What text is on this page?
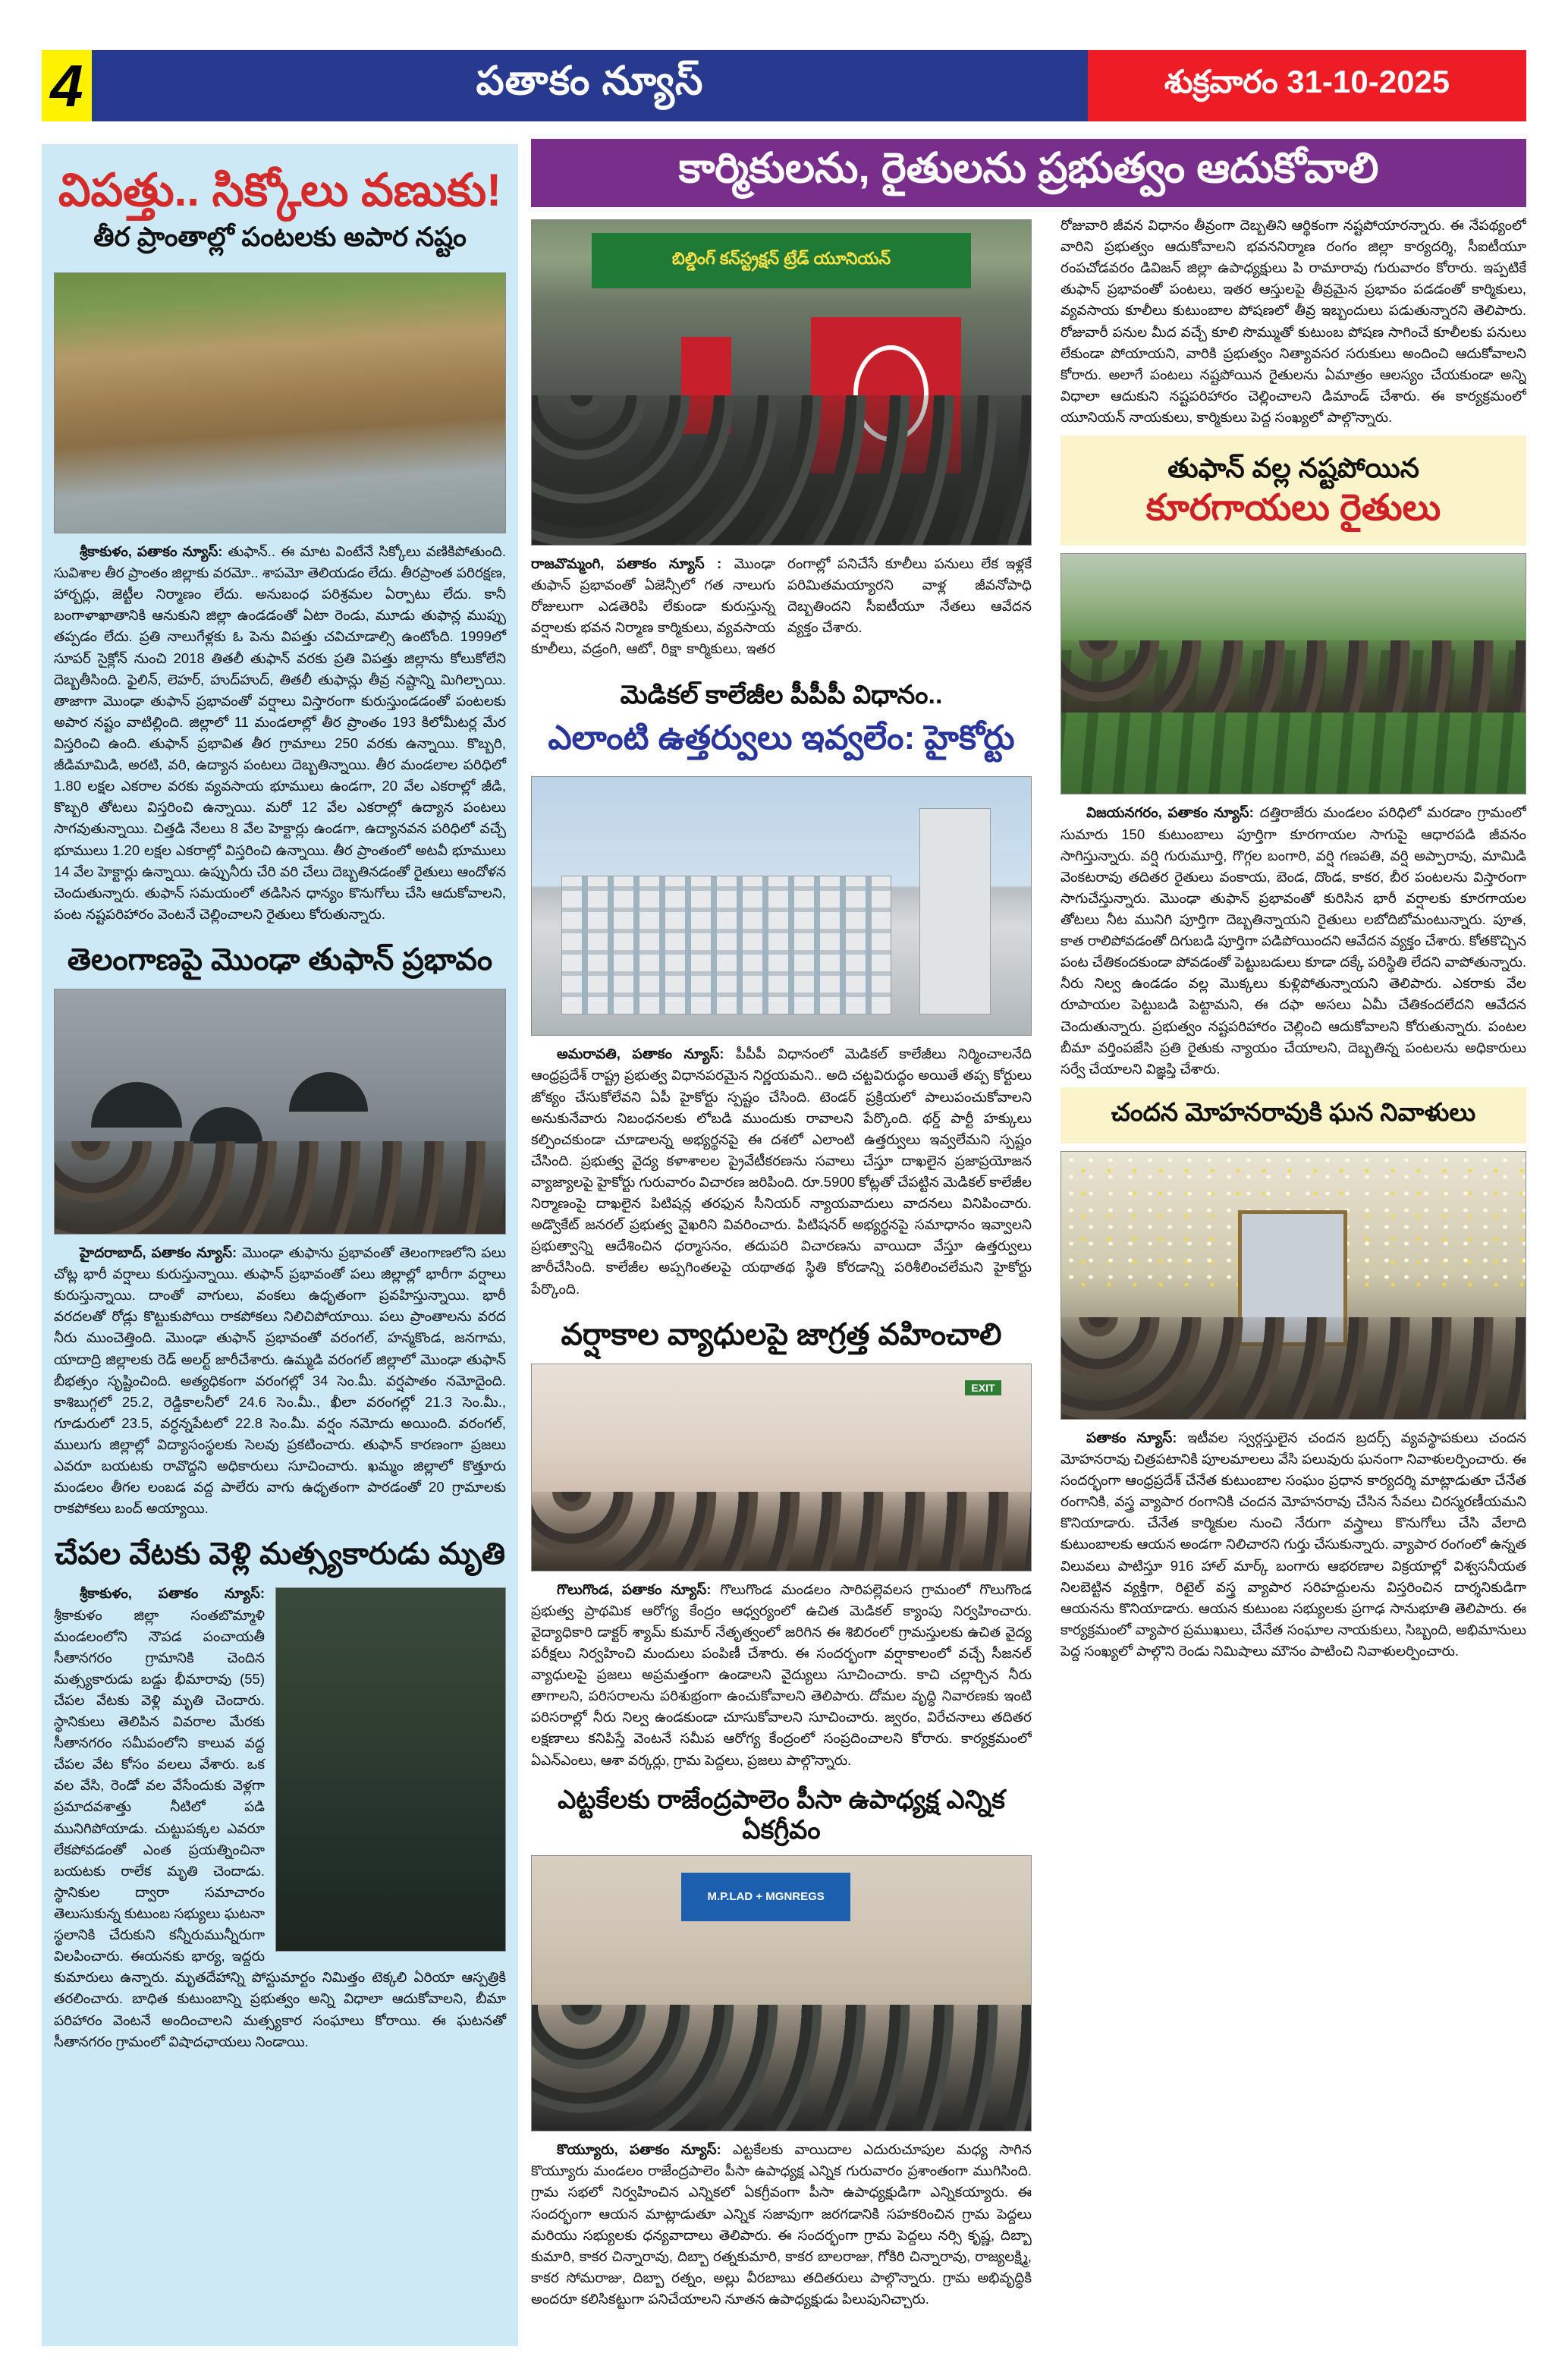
4	పతాకం న్యూస్	శుక్రవారం 31-10-2025
కార్మికులను, రైతులను ప్రభుత్వం ఆదుకోవాలి
విపత్తు.. సిక్కోలు వణుకు!
తీర ప్రాంతాల్లో పంటలకు అపార నష్టం

శ్రీకాకుళం, పతాకం న్యూస్: తుఫాన్.. ఈ మాట వింటేనే సిక్కోలు వణికిపోతుంది. సువిశాల తీర ప్రాంతం జిల్లాకు వరమో.. శాపమో తెలియడం లేదు. తీరప్రాంత పరిరక్షణ, హార్బర్లు, జెట్టీల నిర్మాణం లేదు. అనుబంధ పరిశ్రమల ఏర్పాటు లేదు. కానీ బంగాళాఖాతానికి ఆనుకుని జిల్లా ఉండడంతో ఏటా రెండు, మూడు తుఫాన్ల ముప్పు తప్పడం లేదు. ప్రతి నాలుగేళ్లకు ఓ పెను విపత్తు చవిచూడాల్సి ఉంటోంది. 1999లో సూపర్ సైక్లోన్ నుంచి 2018 తితలీ తుఫాన్ వరకు ప్రతి విపత్తు జిల్లాను కోలుకోలేని దెబ్బతీసింది. ఫైలిన్, లెహర్, హుద్‌హుద్, తితలీ తుఫాన్లు తీవ్ర నష్టాన్ని మిగిల్చాయి. తాజాగా మొంఢా తుఫాన్ ప్రభావంతో వర్షాలు విస్తారంగా కురుస్తుండడంతో పంటలకు అపార నష్టం వాటిల్లింది. జిల్లాలో 11 మండలాల్లో తీర ప్రాంతం 193 కిలోమీటర్ల మేర విస్తరించి ఉంది. తుఫాన్ ప్రభావిత తీర గ్రామాలు 250 వరకు ఉన్నాయి. కొబ్బరి, జీడిమామిడి, అరటి, వరి, ఉద్యాన పంటలు దెబ్బతిన్నాయి. తీర మండలాల పరిధిలో 1.80 లక్షల ఎకరాల వరకు వ్యవసాయ భూములు ఉండగా, 20 వేల ఎకరాల్లో జీడి, కొబ్బరి తోటలు విస్తరించి ఉన్నాయి. మరో 12 వేల ఎకరాల్లో ఉద్యాన పంటలు సాగవుతున్నాయి. చిత్తడి నేలలు 8 వేల హెక్టార్లు ఉండగా, ఉద్యానవన పరిధిలో వచ్చే భూములు 1.20 లక్షల ఎకరాల్లో విస్తరించి ఉన్నాయి. తీర ప్రాంతంలో అటవీ భూములు 14 వేల హెక్టార్లు ఉన్నాయి. ఉప్పునీరు చేరి వరి చేలు దెబ్బతినడంతో రైతులు ఆందోళన చెందుతున్నారు. తుఫాన్ సమయంలో తడిసిన ధాన్యం కొనుగోలు చేసి ఆదుకోవాలని, పంట నష్టపరిహారం వెంటనే చెల్లించాలని రైతులు కోరుతున్నారు.

తెలంగాణపై మొంఢా తుఫాన్ ప్రభావం

హైదరాబాద్, పతాకం న్యూస్: మొంఢా తుఫాను ప్రభావంతో తెలంగాణలోని పలు చోట్ల భారీ వర్షాలు కురుస్తున్నాయి. తుఫాన్ ప్రభావంతో పలు జిల్లాల్లో భారీగా వర్షాలు కురుస్తున్నాయి. దాంతో వాగులు, వంకలు ఉధృతంగా ప్రవహిస్తున్నాయి. భారీ వరదలతో రోడ్లు కొట్టుకుపోయి రాకపోకలు నిలిచిపోయాయి. పలు ప్రాంతాలను వరద నీరు ముంచెత్తింది. మొంఢా తుఫాన్ ప్రభావంతో వరంగల్, హన్మకొండ, జనగామ, యాదాద్రి జిల్లాలకు రెడ్ అలర్ట్ జారీచేశారు. ఉమ్మడి వరంగల్ జిల్లాలో మొంఢా తుఫాన్ బీభత్సం సృష్టించింది. అత్యధికంగా వరంగల్లో 34 సెం.మీ. వర్షపాతం నమోదైంది. కాశిబుగ్గలో 25.2, రెడ్డికాలనీలో 24.6 సెం.మీ., ఖీలా వరంగల్లో 21.3 సెం.మీ., గూడురులో 23.5, వర్ధన్నపేటలో 22.8 సెం.మీ. వర్షం నమోదు అయింది. వరంగల్, ములుగు జిల్లాల్లో విద్యాసంస్థలకు సెలవు ప్రకటించారు. తుఫాన్ కారణంగా ప్రజలు ఎవరూ బయటకు రావొద్దని అధికారులు సూచించారు. ఖమ్మం జిల్లాలో కొత్తూరు మండలం తీగల లంబడ వద్ద పాలేరు వాగు ఉధృతంగా పారడంతో 20 గ్రామాలకు రాకపోకలు బంద్ అయ్యాయి.

చేపల వేటకు వెళ్లి మత్స్యకారుడు మృతి

శ్రీకాకుళం, పతాకం న్యూస్: శ్రీకాకుళం జిల్లా సంతబొమ్మాళి మండలంలోని నౌపడ పంచాయతీ సీతానగరం గ్రామానికి చెందిన మత్స్యకారుడు బడ్డు భీమారావు (55) చేపల వేటకు వెళ్లి మృతి చెందారు. స్థానికులు తెలిపిన వివరాల మేరకు సీతానగరం సమీపంలోని కాలువ వద్ద చేపల వేట కోసం వలలు వేశారు. ఒక వల వేసి, రెండో వల వేసేందుకు వెళ్లగా ప్రమాదవశాత్తు నీటిలో పడి మునిగిపోయాడు. చుట్టుపక్కల ఎవరూ లేకపోవడంతో ఎంత ప్రయత్నించినా బయటకు రాలేక మృతి చెందాడు. స్థానికుల ద్వారా సమాచారం తెలుసుకున్న కుటుంబ సభ్యులు ఘటనా స్థలానికి చేరుకుని కన్నీరుమున్నీరుగా విలపించారు. ఈయనకు భార్య, ఇద్దరు కుమారులు ఉన్నారు. మృతదేహాన్ని పోస్టుమార్టం నిమిత్తం టెక్కలి ఏరియా ఆస్పత్రికి తరలించారు. బాధిత కుటుంబాన్ని ప్రభుత్వం అన్ని విధాలా ఆదుకోవాలని, బీమా పరిహారం వెంటనే అందించాలని మత్స్యకార సంఘాలు కోరాయి. ఈ ఘటనతో సీతానగరం గ్రామంలో విషాదఛాయలు నిండాయి.

బిల్డింగ్ కన్‌స్ట్రక్షన్ ట్రేడ్ యూనియన్
రాజవొమ్మంగి, పతాకం న్యూస్ : మొంఢా తుఫాన్ ప్రభావంతో ఏజెన్సీలో గత నాలుగు రోజులుగా ఎడతెరిపి లేకుండా కురుస్తున్న వర్షాలకు భవన నిర్మాణ కార్మికులు, వ్యవసాయ కూలీలు, వడ్రంగి, ఆటో, రిక్షా కార్మికులు, ఇతర రంగాల్లో పనిచేసే కూలీలు పనులు లేక ఇళ్లకే పరిమితమయ్యారని వాళ్ల జీవనోపాధి దెబ్బతిందని సీఐటీయూ నేతలు ఆవేదన వ్యక్తం చేశారు.
మెడికల్ కాలేజీల పీపీపీ విధానం..
ఎలాంటి ఉత్తర్వులు ఇవ్వలేం: హైకోర్టు

అమరావతి, పతాకం న్యూస్: పీపీపీ విధానంలో మెడికల్ కాలేజీలు నిర్మించాలనేది ఆంధ్రప్రదేశ్ రాష్ట్ర ప్రభుత్వ విధానపరమైన నిర్ణయమని.. అది చట్టవిరుద్ధం అయితే తప్ప కోర్టులు జోక్యం చేసుకోలేవని ఏపీ హైకోర్టు స్పష్టం చేసింది. టెండర్ ప్రక్రియలో పాలుపంచుకోవాలని అనుకునేవారు నిబంధనలకు లోబడి ముందుకు రావాలని పేర్కొంది. థర్డ్ పార్టీ హక్కులు కల్పించకుండా చూడాలన్న అభ్యర్థనపై ఈ దశలో ఎలాంటి ఉత్తర్వులు ఇవ్వలేమని స్పష్టం చేసింది. ప్రభుత్వ వైద్య కళాశాలల ప్రైవేటీకరణను సవాలు చేస్తూ దాఖలైన ప్రజాప్రయోజన వ్యాజ్యాలపై హైకోర్టు గురువారం విచారణ జరిపింది. రూ.5900 కోట్లతో చేపట్టిన మెడికల్ కాలేజీల నిర్మాణంపై దాఖలైన పిటిషన్ల తరఫున సీనియర్ న్యాయవాదులు వాదనలు వినిపించారు. అడ్వొకేట్ జనరల్ ప్రభుత్వ వైఖరిని వివరించారు. పిటిషనర్ అభ్యర్థనపై సమాధానం ఇవ్వాలని ప్రభుత్వాన్ని ఆదేశించిన ధర్మాసనం, తదుపరి విచారణను వాయిదా వేస్తూ ఉత్తర్వులు జారీచేసింది. కాలేజీల అప్పగింతలపై యథాతథ స్థితి కోరడాన్ని పరిశీలించలేమని హైకోర్టు పేర్కొంది.

వర్షాకాల వ్యాధులపై జాగ్రత్త వహించాలి
EXIT

గొలుగొండ, పతాకం న్యూస్: గొలుగొండ మండలం సారిపల్లెవలస గ్రామంలో గొలుగొండ ప్రభుత్వ ప్రాథమిక ఆరోగ్య కేంద్రం ఆధ్వర్యంలో ఉచిత మెడికల్ క్యాంపు నిర్వహించారు. వైద్యాధికారి డాక్టర్ శ్యామ్ కుమార్ నేతృత్వంలో జరిగిన ఈ శిబిరంలో గ్రామస్తులకు ఉచిత వైద్య పరీక్షలు నిర్వహించి మందులు పంపిణీ చేశారు. ఈ సందర్భంగా వర్షాకాలంలో వచ్చే సీజనల్ వ్యాధులపై ప్రజలు అప్రమత్తంగా ఉండాలని వైద్యులు సూచించారు. కాచి చల్లార్చిన నీరు తాగాలని, పరిసరాలను పరిశుభ్రంగా ఉంచుకోవాలని తెలిపారు. దోమల వృద్ధి నివారణకు ఇంటి పరిసరాల్లో నీరు నిల్వ ఉండకుండా చూసుకోవాలని సూచించారు. జ్వరం, విరేచనాలు తదితర లక్షణాలు కనిపిస్తే వెంటనే సమీప ఆరోగ్య కేంద్రంలో సంప్రదించాలని కోరారు. కార్యక్రమంలో ఏఎన్ఎంలు, ఆశా వర్కర్లు, గ్రామ పెద్దలు, ప్రజలు పాల్గొన్నారు.

ఎట్టకేలకు రాజేంద్రపాలెం పీసా ఉపాధ్యక్ష ఎన్నిక ఏకగ్రీవం
M.P.LAD + MGNREGS

కొయ్యూరు, పతాకం న్యూస్: ఎట్టకేలకు వాయిదాల ఎదురుచూపుల మధ్య సాగిన కొయ్యూరు మండలం రాజేంద్రపాలెం పీసా ఉపాధ్యక్ష ఎన్నిక గురువారం ప్రశాంతంగా ముగిసింది. గ్రామ సభలో నిర్వహించిన ఎన్నికలో ఏకగ్రీవంగా పీసా ఉపాధ్యక్షుడిగా ఎన్నికయ్యారు. ఈ సందర్భంగా ఆయన మాట్లాడుతూ ఎన్నిక సజావుగా జరగడానికి సహకరించిన గ్రామ పెద్దలు మరియు సభ్యులకు ధన్యవాదాలు తెలిపారు. ఈ సందర్భంగా గ్రామ పెద్దలు నర్సి కృష్ణ, దిబ్బా కుమారి, కాకర చిన్నారావు, దిబ్బా రత్నకుమారి, కాకర బాలరాజు, గోకిరి చిన్నారావు, రాజ్యలక్ష్మి, కాకర సోమరాజు, దిబ్బా రత్నం, అల్లు వీరబాబు తదితరులు పాల్గొన్నారు. గ్రామ అభివృద్ధికి అందరూ కలిసికట్టుగా పనిచేయాలని నూతన ఉపాధ్యక్షుడు పిలుపునిచ్చారు.

రోజువారి జీవన విధానం తీవ్రంగా దెబ్బతిని ఆర్థికంగా నష్టపోయారన్నారు. ఈ నేపథ్యంలో వారిని ప్రభుత్వం ఆదుకోవాలని భవననిర్మాణ రంగం జిల్లా కార్యదర్శి, సీఐటీయూ రంపచోడవరం డివిజన్ జిల్లా ఉపాధ్యక్షులు పి రామారావు గురువారం కోరారు. ఇప్పటికే తుఫాన్ ప్రభావంతో పంటలు, ఇతర ఆస్తులపై తీవ్రమైన ప్రభావం పడడంతో కార్మికులు, వ్యవసాయ కూలీలు కుటుంబాల పోషణలో తీవ్ర ఇబ్బందులు పడుతున్నారని తెలిపారు. రోజువారీ పనుల మీద వచ్చే కూలి సొమ్ముతో కుటుంబ పోషణ సాగించే కూలీలకు పనులు లేకుండా పోయాయని, వారికి ప్రభుత్వం నిత్యావసర సరుకులు అందించి ఆదుకోవాలని కోరారు. అలాగే పంటలు నష్టపోయిన రైతులను ఏమాత్రం ఆలస్యం చేయకుండా అన్ని విధాలా ఆదుకుని నష్టపరిహారం చెల్లించాలని డిమాండ్ చేశారు. ఈ కార్యక్రమంలో యూనియన్ నాయకులు, కార్మికులు పెద్ద సంఖ్యలో పాల్గొన్నారు.

తుఫాన్ వల్ల నష్టపోయిన
కూరగాయలు రైతులు

విజయనగరం, పతాకం న్యూస్: దత్తిరాజేరు మండలం పరిధిలో మరడాం గ్రామంలో సుమారు 150 కుటుంబాలు పూర్తిగా కూరగాయల సాగుపై ఆధారపడి జీవనం సాగిస్తున్నారు. వర్షి గురుమూర్తి, గొగ్గల బంగారి, వర్షి గణపతి, వర్షి అప్పారావు, మామిడి వెంకటరావు తదితర రైతులు వంకాయ, బెండ, దొండ, కాకర, బీర పంటలను విస్తారంగా సాగుచేస్తున్నారు. మొంఢా తుఫాన్ ప్రభావంతో కురిసిన భారీ వర్షాలకు కూరగాయల తోటలు నీట మునిగి పూర్తిగా దెబ్బతిన్నాయని రైతులు లబోదిబోమంటున్నారు. పూత, కాత రాలిపోవడంతో దిగుబడి పూర్తిగా పడిపోయిందని ఆవేదన వ్యక్తం చేశారు. కోతకొచ్చిన పంట చేతికందకుండా పోవడంతో పెట్టుబడులు కూడా దక్కే పరిస్థితి లేదని వాపోతున్నారు. నీరు నిల్వ ఉండడం వల్ల మొక్కలు కుళ్లిపోతున్నాయని తెలిపారు. ఎకరాకు వేల రూపాయల పెట్టుబడి పెట్టామని, ఈ దఫా అసలు ఏమీ చేతికందలేదని ఆవేదన చెందుతున్నారు. ప్రభుత్వం నష్టపరిహారం చెల్లించి ఆదుకోవాలని కోరుతున్నారు. పంటల బీమా వర్తింపజేసి ప్రతి రైతుకు న్యాయం చేయాలని, దెబ్బతిన్న పంటలను అధికారులు సర్వే చేయాలని విజ్ఞప్తి చేశారు.

చందన మోహనరావుకి ఘన నివాళులు

పతాకం న్యూస్: ఇటీవల స్వర్గస్తులైన చందన బ్రదర్స్ వ్యవస్థాపకులు చందన మోహనరావు చిత్రపటానికి పూలమాలలు వేసి పలువురు ఘనంగా నివాళులర్పించారు. ఈ సందర్భంగా ఆంధ్రప్రదేశ్ చేనేత కుటుంబాల సంఘం ప్రధాన కార్యదర్శి మాట్లాడుతూ చేనేత రంగానికి, వస్త్ర వ్యాపార రంగానికి చందన మోహనరావు చేసిన సేవలు చిరస్మరణీయమని కొనియాడారు. చేనేత కార్మికుల నుంచి నేరుగా వస్త్రాలు కొనుగోలు చేసి వేలాది కుటుంబాలకు ఆయన అండగా నిలిచారని గుర్తు చేసుకున్నారు. వ్యాపార రంగంలో ఉన్నత విలువలు పాటిస్తూ 916 హాల్ మార్క్ బంగారు ఆభరణాల విక్రయాల్లో విశ్వసనీయత నిలబెట్టిన వ్యక్తిగా, రిటైల్ వస్త్ర వ్యాపార సరిహద్దులను విస్తరించిన దార్శనికుడిగా ఆయనను కొనియాడారు. ఆయన కుటుంబ సభ్యులకు ప్రగాఢ సానుభూతి తెలిపారు. ఈ కార్యక్రమంలో వ్యాపార ప్రముఖులు, చేనేత సంఘాల నాయకులు, సిబ్బంది, అభిమానులు పెద్ద సంఖ్యలో పాల్గొని రెండు నిమిషాలు మౌనం పాటించి నివాళులర్పించారు.
